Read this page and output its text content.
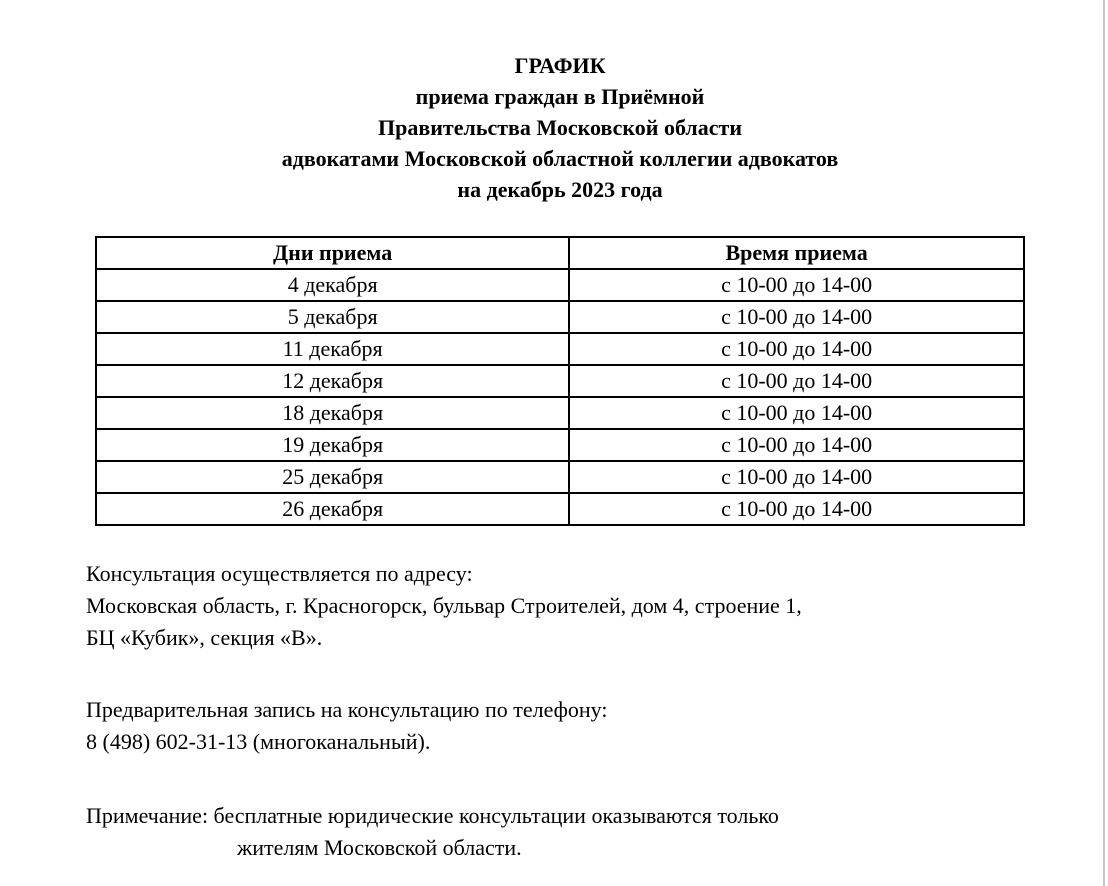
ГРАФИК
приема граждан в Приёмной
Правительства Московской области
адвокатами Московской областной коллегии адвокатов
на декабрь 2023 года
Дни приема	Время приема
4 декабря	с 10-00 до 14-00
5 декабря	с 10-00 до 14-00
11 декабря	с 10-00 до 14-00
12 декабря	с 10-00 до 14-00
18 декабря	с 10-00 до 14-00
19 декабря	с 10-00 до 14-00
25 декабря	с 10-00 до 14-00
26 декабря	с 10-00 до 14-00
Консультация осуществляется по адресу:
Московская область, г. Красногорск, бульвар Строителей, дом 4, строение 1,
БЦ «Кубик», секция «В».
Предварительная запись на консультацию по телефону:
8 (498) 602-31-13 (многоканальный).
Примечание: бесплатные юридические консультации оказываются только
жителям Московской области.
